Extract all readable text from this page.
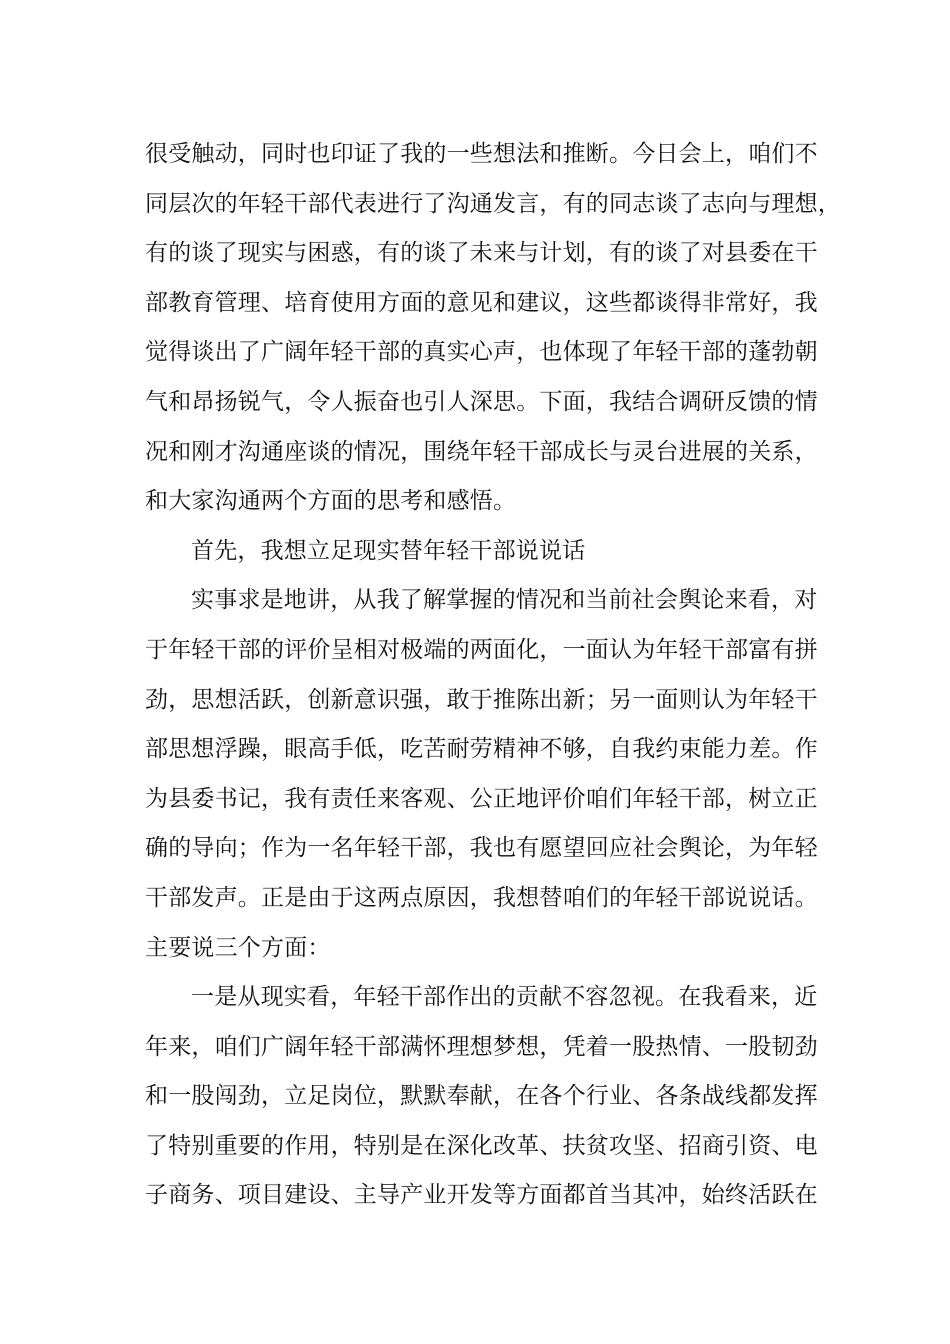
很受触动，同时也印证了我的一些想法和推断。今日会上，咱们不
同层次的年轻干部代表进行了沟通发言，有的同志谈了志向与理想，
有的谈了现实与困惑，有的谈了未来与计划，有的谈了对县委在干
部教育管理、培育使用方面的意见和建议，这些都谈得非常好，我
觉得谈出了广阔年轻干部的真实心声，也体现了年轻干部的蓬勃朝
气和昂扬锐气，令人振奋也引人深思。下面，我结合调研反馈的情
况和刚才沟通座谈的情况，围绕年轻干部成长与灵台进展的关系，
和大家沟通两个方面的思考和感悟。
首先，我想立足现实替年轻干部说说话
实事求是地讲，从我了解掌握的情况和当前社会舆论来看，对
于年轻干部的评价呈相对极端的两面化，一面认为年轻干部富有拼
劲，思想活跃，创新意识强，敢于推陈出新；另一面则认为年轻干
部思想浮躁，眼高手低，吃苦耐劳精神不够，自我约束能力差。作
为县委书记，我有责任来客观、公正地评价咱们年轻干部，树立正
确的导向；作为一名年轻干部，我也有愿望回应社会舆论，为年轻
干部发声。正是由于这两点原因，我想替咱们的年轻干部说说话。
主要说三个方面：
一是从现实看，年轻干部作出的贡献不容忽视。在我看来，近
年来，咱们广阔年轻干部满怀理想梦想，凭着一股热情、一股韧劲
和一股闯劲，立足岗位，默默奉献，在各个行业、各条战线都发挥
了特别重要的作用，特别是在深化改革、扶贫攻坚、招商引资、电
子商务、项目建设、主导产业开发等方面都首当其冲，始终活跃在
